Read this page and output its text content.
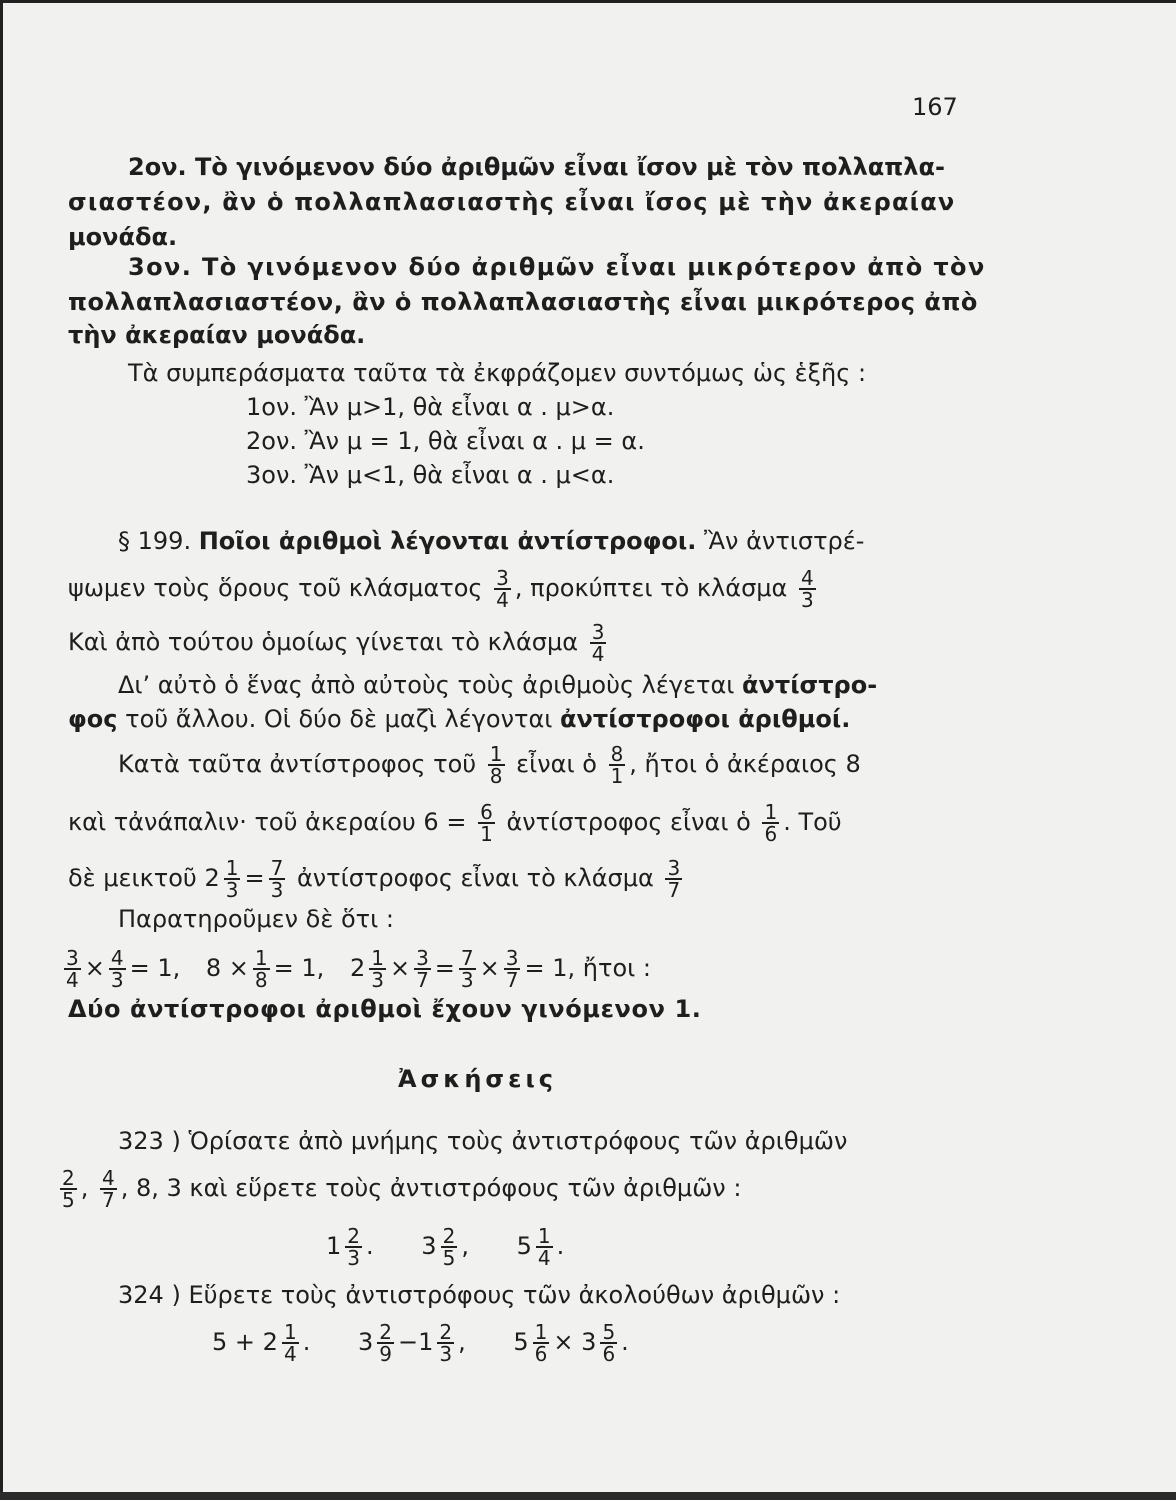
167
2ον. Τὸ γινόμενον δύο ἀριθμῶν εἶναι ἴσον μὲ τὸν πολλαπλα-
σιαστέον, ἂν ὁ πολλαπλασιαστὴς εἶναι ἴσος μὲ τὴν ἀκεραίαν
μονάδα.
3ον. Τὸ γινόμενον δύο ἀριθμῶν εἶναι μικρότερον ἀπὸ τὸν
πολλαπλασιαστέον, ἂν ὁ πολλαπλασιαστὴς εἶναι μικρότερος ἀπὸ
τὴν ἀκεραίαν μονάδα.
Τὰ συμπεράσματα ταῦτα τὰ ἐκφράζομεν συντόμως ὡς ἑξῆς :
1ον. Ἂν μ>1, θὰ εἶναι α . μ>α.
2ον. Ἂν μ = 1, θὰ εἶναι α . μ = α.
3ον. Ἂν μ<1, θὰ εἶναι α . μ<α.
§ 199. Ποῖοι ἀριθμοὶ λέγονται ἀντίστροφοι. Ἂν ἀντιστρέ-
ψωμεν τοὺς ὅρους τοῦ κλάσματος $\frac{3}{4}$ , προκύπτει τὸ κλάσμα $\frac{4}{3}$
Καὶ ἀπὸ τούτου ὁμοίως γίνεται τὸ κλάσμα $\frac{3}{4}$
Δι’ αὐτὸ ὁ ἕνας ἀπὸ αὐτοὺς τοὺς ἀριθμοὺς λέγεται ἀντίστρο-
φος τοῦ ἄλλου. Οἱ δύο δὲ μαζὶ λέγονται ἀντίστροφοι ἀριθμοί.
Κατὰ ταῦτα ἀντίστροφος τοῦ $\frac{1}{8}$ εἶναι ὁ $\frac{8}{1}$ , ἤτοι ὁ ἀκέραιος 8
καὶ τἀνάπαλιν· τοῦ ἀκεραίου $6 = \frac{6}{1}$ ἀντίστροφος εἶναι ὁ $\frac{1}{6}$ . Τοῦ
δὲ μεικτοῦ $2 \frac{1}{3} = \frac{7}{3}$ ἀντίστροφος εἶναι τὸ κλάσμα $\frac{3}{7}$
Παρατηροῦμεν δὲ ὅτι :
$\frac{3}{4} \times \frac{4}{3} = 1$, $8 \times \frac{1}{8} = 1$, $2 \frac{1}{3} \times \frac{3}{7} = \frac{7}{3} \times \frac{3}{7} = 1$, ἤτοι :
Δύο ἀντίστροφοι ἀριθμοὶ ἔχουν γινόμενον 1.
Ἀσκήσεις
323 ) Ὁρίσατε ἀπὸ μνήμης τοὺς ἀντιστρόφους τῶν ἀριθμῶν
$\frac{2}{5}$ , $\frac{4}{7}$ , 8, 3 καὶ εὕρετε τοὺς ἀντιστρόφους τῶν ἀριθμῶν :
$1 \frac{2}{3}$ . $3 \frac{2}{5}$ , $5 \frac{1}{4}$ .
324 ) Εὕρετε τοὺς ἀντιστρόφους τῶν ἀκολούθων ἀριθμῶν :
$5 + 2 \frac{1}{4}$ . $3 \frac{2}{9} -1 \frac{2}{3}$ , $5 \frac{1}{6} \times 3 \frac{5}{6}$ .
